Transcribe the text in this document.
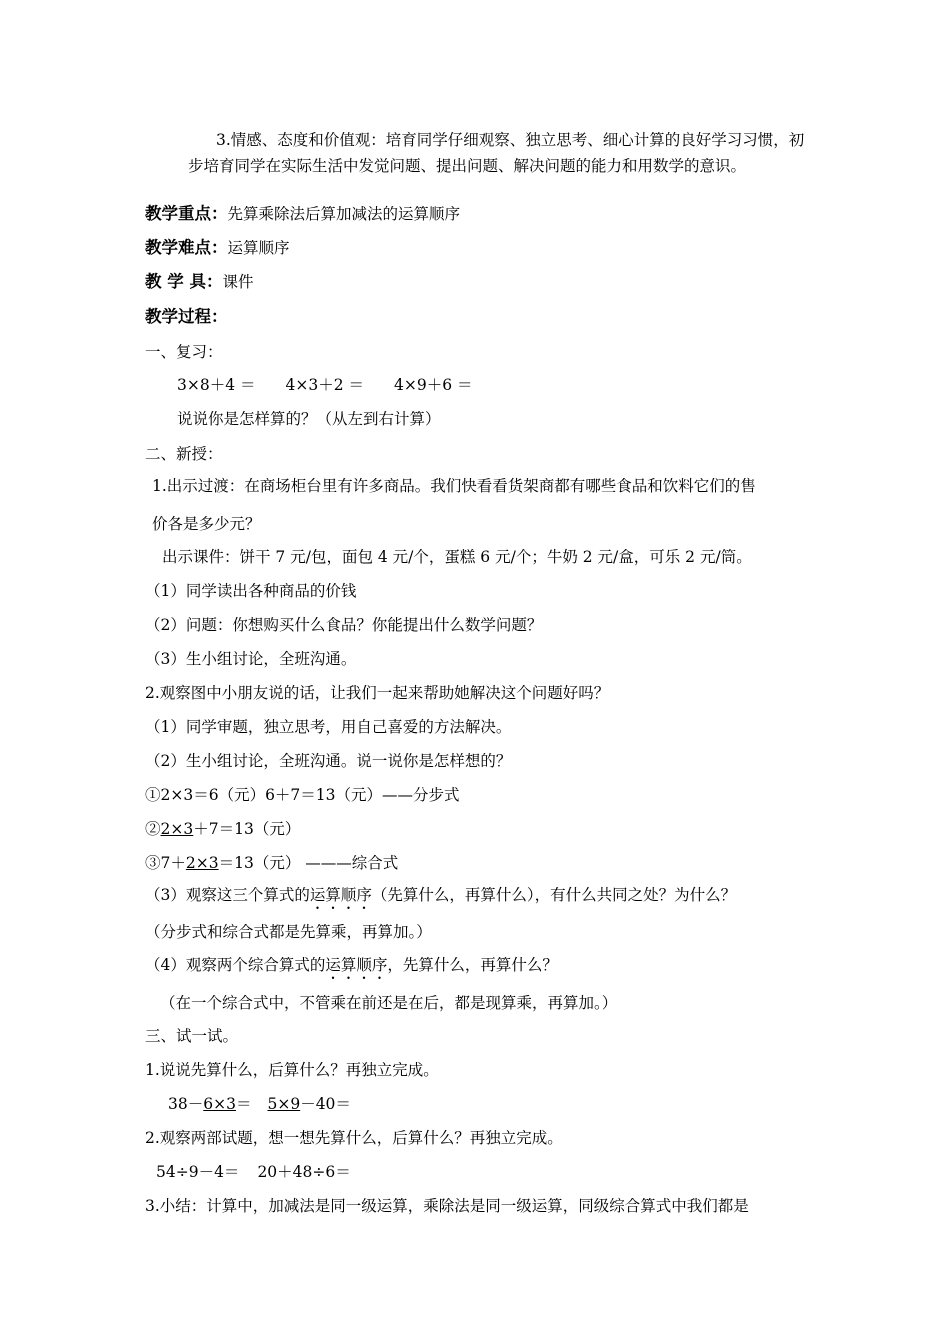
3.情感、态度和价值观：培育同学仔细观察、独立思考、细心计算的良好学习习惯，初步培育同学在实际生活中发觉问题、提出问题、解决问题的能力和用数学的意识。
教学重点：先算乘除法后算加减法的运算顺序
教学难点：运算顺序
教 学 具：课件
教学过程：
一、复习：
3×8＋4 ＝ 4×3＋2 ＝ 4×9＋6 ＝
说说你是怎样算的？（从左到右计算）
二、新授：
1.出示过渡：在商场柜台里有许多商品。我们快看看货架商都有哪些食品和饮料它们的售
价各是多少元？
出示课件：饼干 7 元/包，面包 4 元/个，蛋糕 6 元/个；牛奶 2 元/盒，可乐 2 元/筒。
（1）同学读出各种商品的价钱
（2）问题：你想购买什么食品？你能提出什么数学问题？
（3）生小组讨论，全班沟通。
2.观察图中小朋友说的话，让我们一起来帮助她解决这个问题好吗？
（1）同学审题，独立思考，用自己喜爱的方法解决。
（2）生小组讨论，全班沟通。说一说你是怎样想的？
①2×3＝6（元）6＋7＝13（元）——分步式
②2×3＋7＝13（元）
③7＋2×3＝13（元） ———综合式
（3）观察这三个算式的运算顺序（先算什么，再算什么），有什么共同之处？为什么？
（分步式和综合式都是先算乘，再算加。）
（4）观察两个综合算式的运算顺序，先算什么，再算什么？
（在一个综合式中，不管乘在前还是在后，都是现算乘，再算加。）
三、试一试。
1.说说先算什么，后算什么？再独立完成。
38－6×3＝ 5×9－40＝
2.观察两部试题，想一想先算什么，后算什么？再独立完成。
54÷9－4＝ 20＋48÷6＝
3.小结：计算中，加减法是同一级运算，乘除法是同一级运算，同级综合算式中我们都是
